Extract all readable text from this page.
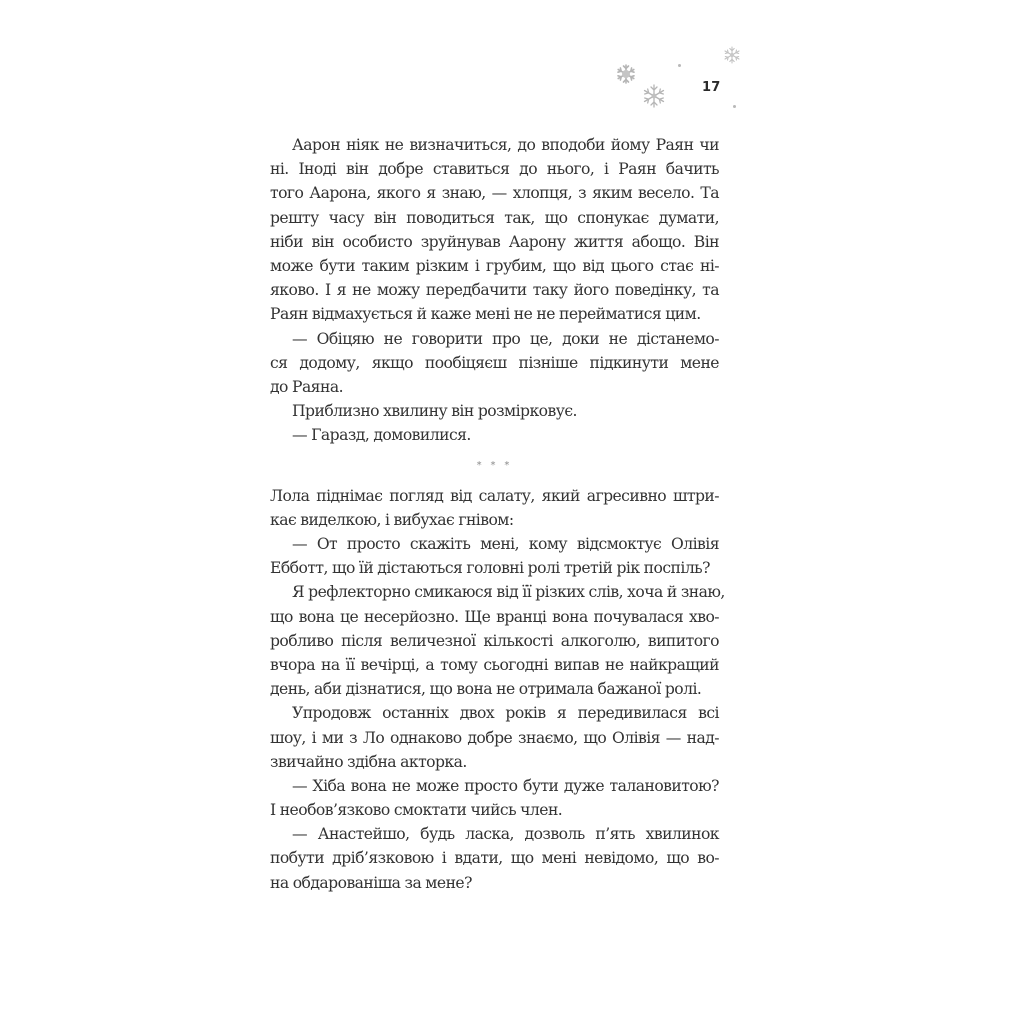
17
Аарон ніяк не визначиться, до вподоби йому Раян чи
ні. Іноді він добре ставиться до нього, і Раян бачить
того Аарона, якого я знаю, — хлопця, з яким весело. Та
решту часу він поводиться так, що спонукає думати,
ніби він особисто зруйнував Аарону життя абощо. Він
може бути таким різким і грубим, що від цього стає ні-
яково. І я не можу передбачити таку його поведінку, та
Раян відмахується й каже мені не не перейматися цим.
— Обіцяю не говорити про це, доки не дістанемо-
ся додому, якщо пообіцяєш пізніше підкинути мене
до Раяна.
Приблизно хвилину він розмірковує.
— Гаразд, домовилися.
* * *
Лола піднімає погляд від салату, який агресивно штри-
кає виделкою, і вибухає гнівом:
— От просто скажіть мені, кому відсмоктує Олівія
Еббoтт, що їй дістаються головні ролі третій рік поспіль?
Я рефлекторно смикаюся від її різких слів, хоча й знаю,
що вона це несерйозно. Ще вранці вона почувалася хво-
робливо після величезної кількості алкоголю, випитого
вчора на її вечірці, а тому сьогодні випав не найкращий
день, аби дізнатися, що вона не отримала бажаної ролі.
Упродовж останніх двох років я передивилася всі
шоу, і ми з Ло однаково добре знаємо, що Олівія — над-
звичайно здібна акторка.
— Хіба вона не може просто бути дуже талановитою?
І необов’язково смоктати чийсь член.
— Анастейшо, будь ласка, дозволь п’ять хвилинок
побути дріб’язковою і вдати, що мені невідомо, що во-
на обдарованіша за мене?
